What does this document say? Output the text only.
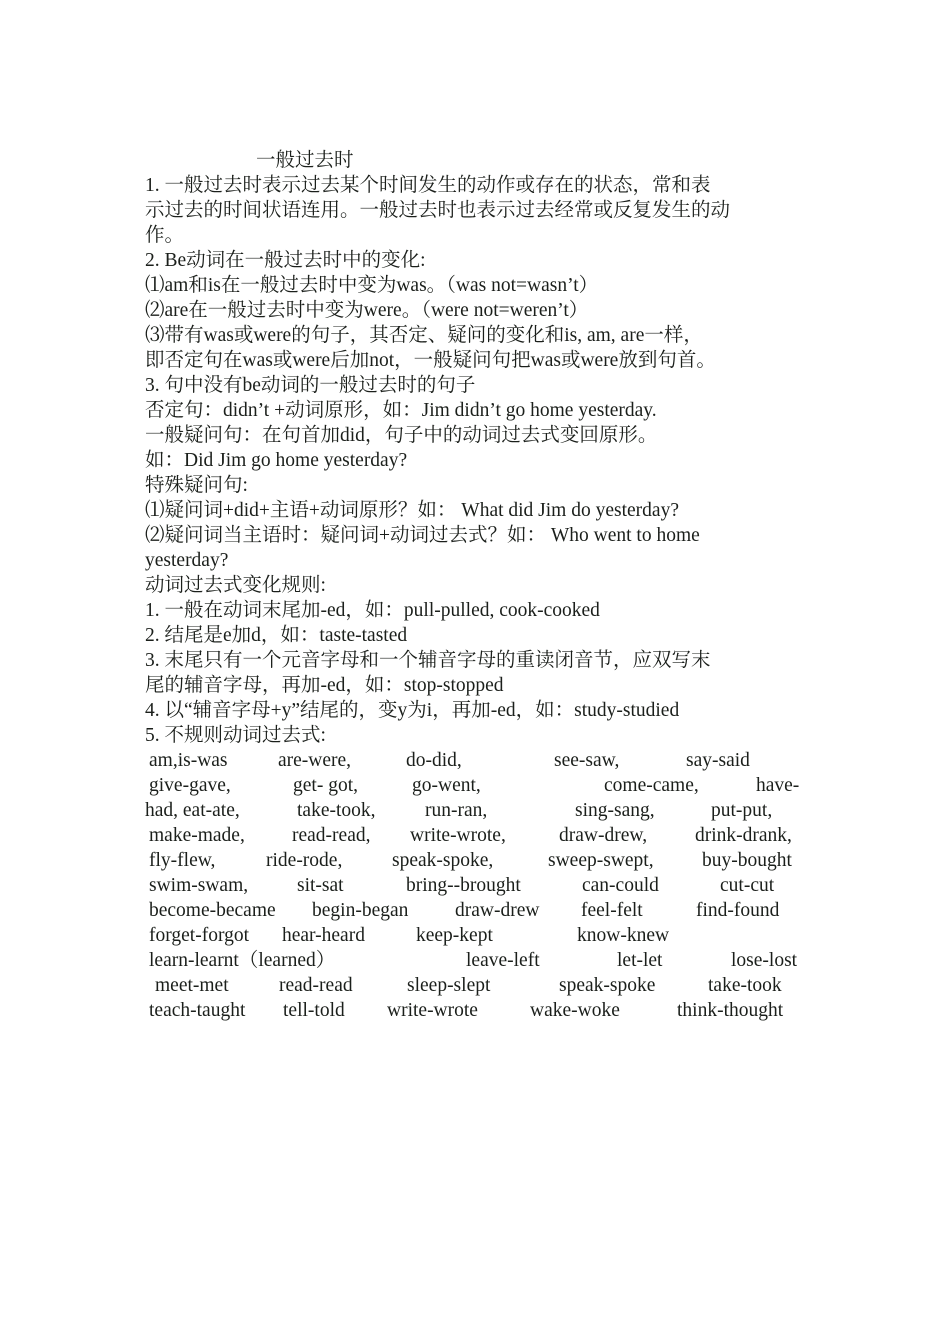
一般过去时
1. 一般过去时表示过去某个时间发生的动作或存在的状态，常和表
示过去的时间状语连用。一般过去时也表示过去经常或反复发生的动
作。
2. Be动词在一般过去时中的变化:
⑴am和is在一般过去时中变为was。（was not=wasn’t）
⑵are在一般过去时中变为were。（were not=weren’t）
⑶带有was或were的句子，其否定、疑问的变化和is, am, are一样，
即否定句在was或were后加not，一般疑问句把was或were放到句首。
3. 句中没有be动词的一般过去时的句子
否定句：didn’t +动词原形，如：Jim didn’t go home yesterday.
一般疑问句：在句首加did，句子中的动词过去式变回原形。
如：Did Jim go home yesterday?
特殊疑问句:
⑴疑问词+did+主语+动词原形？如： What did Jim do yesterday?
⑵疑问词当主语时：疑问词+动词过去式？如： Who went to home
yesterday?
动词过去式变化规则:
1. 一般在动词末尾加-ed，如：pull-pulled, cook-cooked
2. 结尾是e加d，如：taste-tasted
3. 末尾只有一个元音字母和一个辅音字母的重读闭音节，应双写末
尾的辅音字母，再加-ed，如：stop-stopped
4. 以“辅音字母+y”结尾的，变y为i，再加-ed，如：study-studied
5. 不规则动词过去式:
am,is-was	are-were,	do-did,	see-saw,	say-said
give-gave,	get- got,	go-went,	come-came,	have-
had, eat-ate,	take-took,	run-ran,	sing-sang,	put-put,
make-made, read-read, write-wrote,	draw-drew, drink-drank,
fly-flew,	ride-rode,	speak-spoke,	sweep-swept, buy-bought
swim-swam,	sit-sat	bring--brought	can-could	cut-cut
become-became begin-began draw-drew feel-felt	find-found
forget-forgot hear-heard	keep-kept	know-knew
learn-learnt（learned）	leave-left	let-let	lose-lost
meet-met	read-read	sleep-slept	speak-spoke	take-took
teach-taught tell-told write-wrote	wake-woke	think-thought
